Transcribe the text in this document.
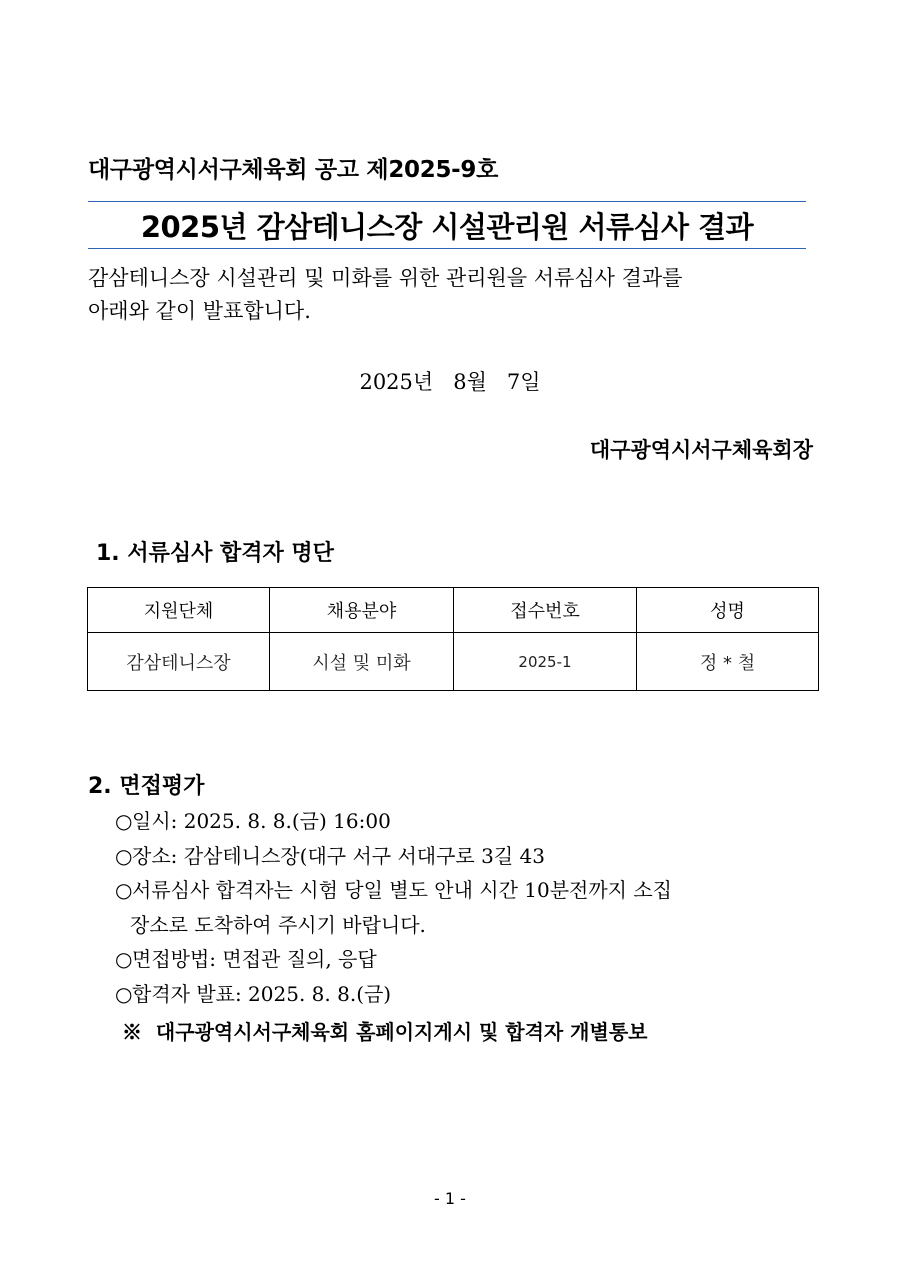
대구광역시서구체육회 공고 제2025-9호
2025년 감삼테니스장 시설관리원 서류심사 결과

감삼테니스장 시설관리 및 미화를 위한 관리원을 서류심사 결과를

아래와 같이 발표합니다.

2025년   8월   7일
대구광역시서구체육회장
1. 서류심사 합격자 명단
지원단체	채용분야	접수번호	성명
감삼테니스장	시설 및 미화	2025-1	정 * 철
2. 면접평가
○ 일시: 2025. 8. 8.(금) 16:00
○ 장소: 감삼테니스장(대구 서구 서대구로 3길 43
○ 서류심사 합격자는 시험 당일 별도 안내 시간 10분전까지 소집
장소로 도착하여 주시기 바랍니다.
○ 면접방법: 면접관 질의, 응답
○ 합격자 발표: 2025. 8. 8.(금)
※  대구광역시서구체육회 홈페이지게시 및 합격자 개별통보
- 1 -
